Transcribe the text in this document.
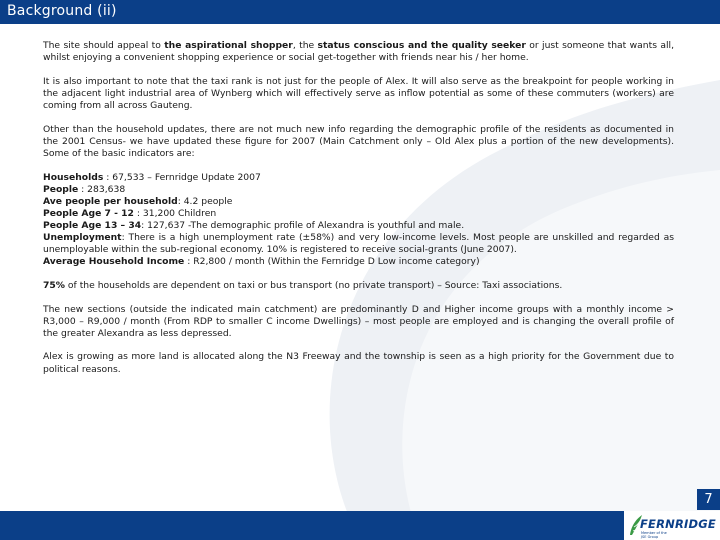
Background (ii)

The site should appeal to the aspirational shopper, the status conscious and the quality seeker or just someone that wants all, whilst enjoying a convenient shopping experience or social get-together with friends near his / her home.

It is also important to note that the taxi rank is not just for the people of Alex. It will also serve as the breakpoint for people working in the adjacent light industrial area of Wynberg which will effectively serve as inflow potential as some of these commuters (workers) are coming from all across Gauteng.

Other than the household updates, there are not much new info regarding the demographic profile of the residents as documented in the 2001 Census- we have updated these figure for 2007 (Main Catchment only – Old Alex plus a portion of the new developments). Some of the basic indicators are:

Households : 67,533 – Fernridge Update 2007
People : 283,638
Ave people per household: 4.2 people
People Age 7 - 12 : 31,200 Children
People Age 13 – 34: 127,637 -The demographic profile of Alexandra is youthful and male.
Unemployment: There is a high unemployment rate (±58%) and very low-income levels. Most people are unskilled and regarded as unemployable within the sub-regional economy. 10% is registered to receive social-grants (June 2007).
Average Household Income : R2,800 / month (Within the Fernridge D Low income category)

75% of the households are dependent on taxi or bus transport (no private transport) – Source: Taxi associations.

The new sections (outside the indicated main catchment) are predominantly D and Higher income groups with a monthly income > R3,000 – R9,000 / month (From RDP to smaller C income Dwellings) – most people are employed and is changing the overall profile of the greater Alexandra as less depressed.

Alex is growing as more land is allocated along the N3 Freeway and the township is seen as a high priority for the Government due to political reasons.

7
FERNRIDGE
Member of the
JSE Group
